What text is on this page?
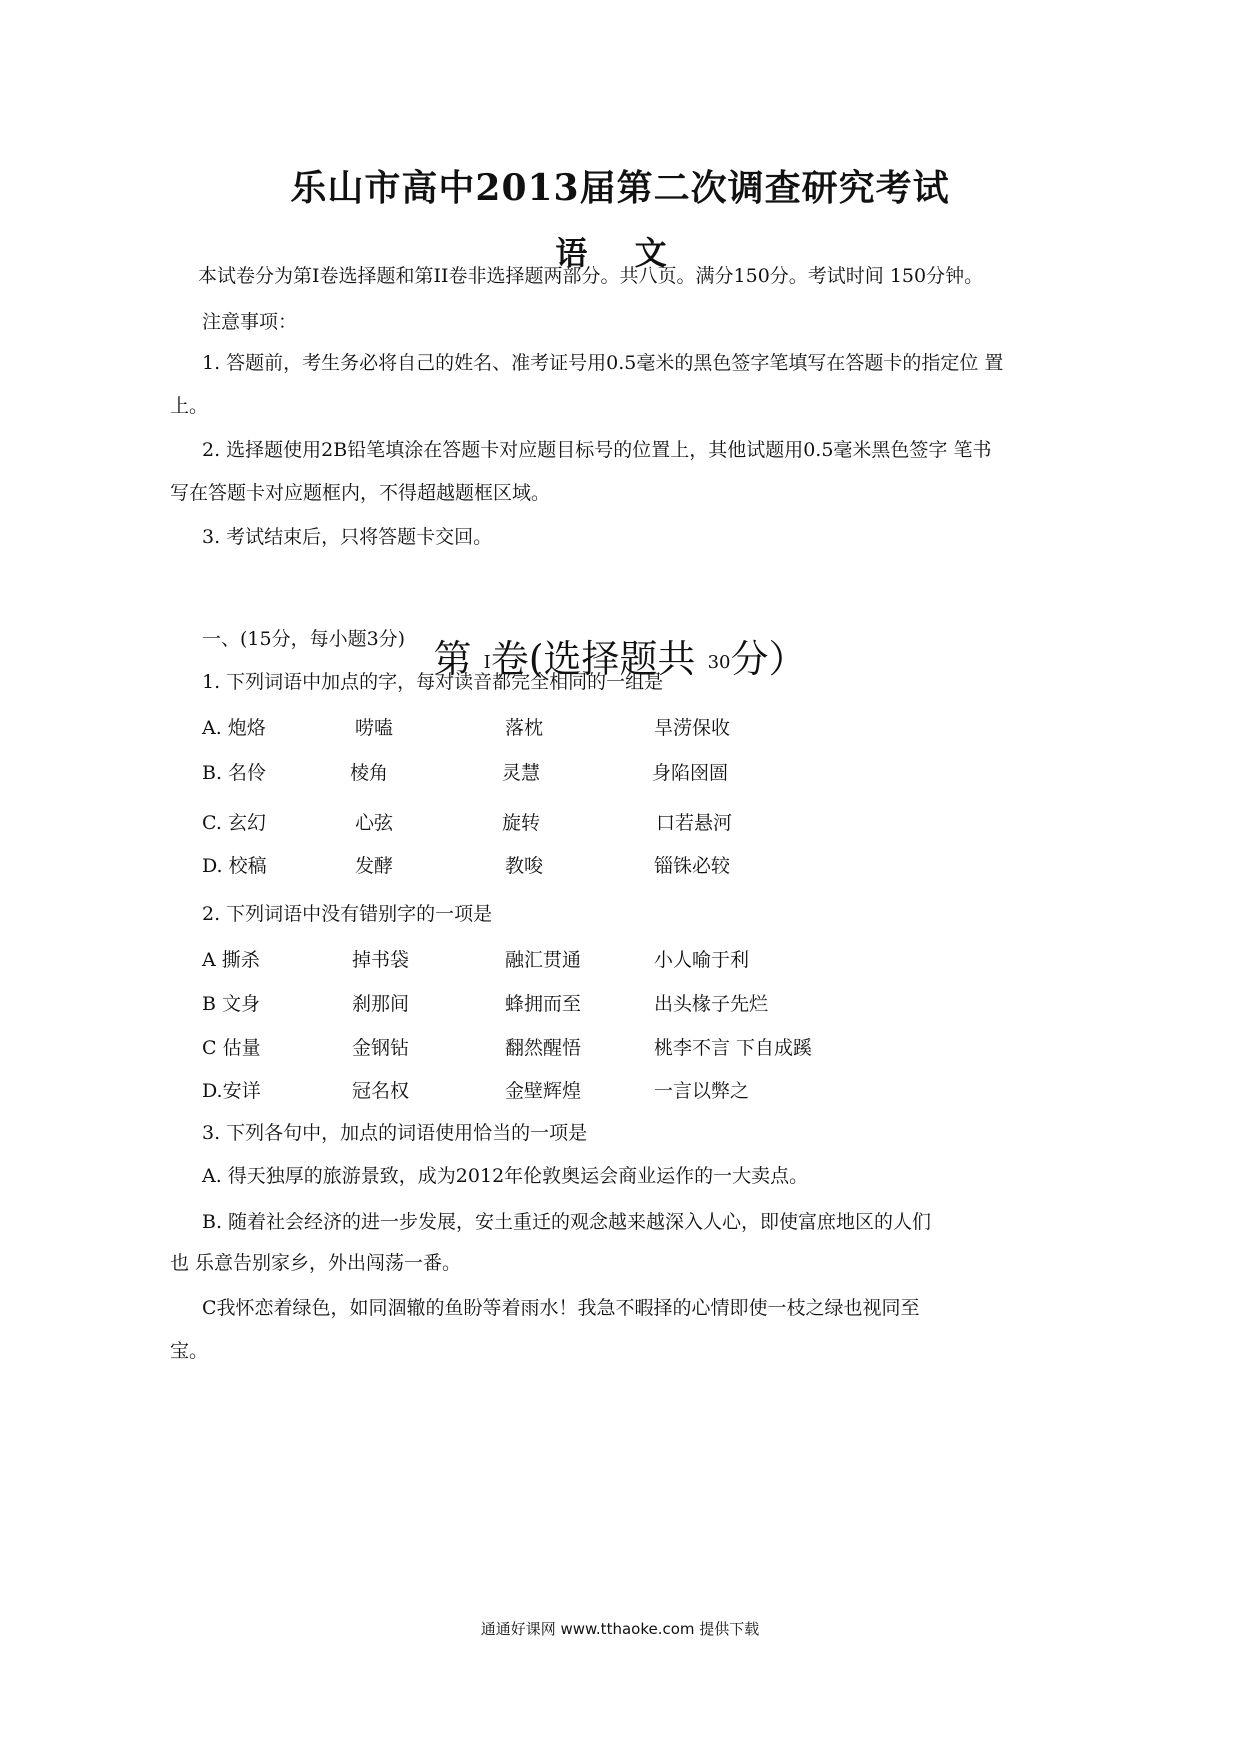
乐山市高中2013届第二次调查研究考试
语 文
本试卷分为第Ⅰ卷选择题和第II卷非选择题两部分。共八页。满分150分。考试时间 150分钟。
注意事项：
1. 答题前，考生务必将自己的姓名、准考证号用0.5毫米的黑色签字笔填写在答题卡的指定位 置
上。
2. 选择题使用2B铅笔填涂在答题卡对应题目标号的位置上，其他试题用0.5毫米黑色签字 笔书
写在答题卡对应题框内，不得超越题框区域。
3. 考试结束后，只将答题卡交回。
第 I卷(选择题共 30分）
一、(15分，每小题3分)
1. 下列词语中加点的字，每对读音都完全相同的一组是
A. 炮烙	唠嗑	落枕	旱涝保收
B. 名伶	棱角	灵慧	身陷囹圄
C. 玄幻	心弦	旋转	口若悬河
D. 校稿	发酵	教唆	锱铢必较
2. 下列词语中没有错别字的一项是
A 撕杀	掉书袋	融汇贯通	小人喻于利
B 文身	刹那间	蜂拥而至	出头椽子先烂
C 估量	金钢钻	翻然醒悟	桃李不言 下自成蹊
D.安详	冠名权	金壁辉煌	一言以弊之
3. 下列各句中，加点的词语使用恰当的一项是
A. 得天独厚的旅游景致，成为2012年伦敦奥运会商业运作的一大卖点。
B. 随着社会经济的进一步发展，安土重迁的观念越来越深入人心，即使富庶地区的人们
也 乐意告别家乡，外出闯荡一番。
C我怀恋着绿色，如同涸辙的鱼盼等着雨水！我急不暇择的心情即使一枝之绿也视同至
宝。
通通好课网 www.tthaoke.com 提供下载
